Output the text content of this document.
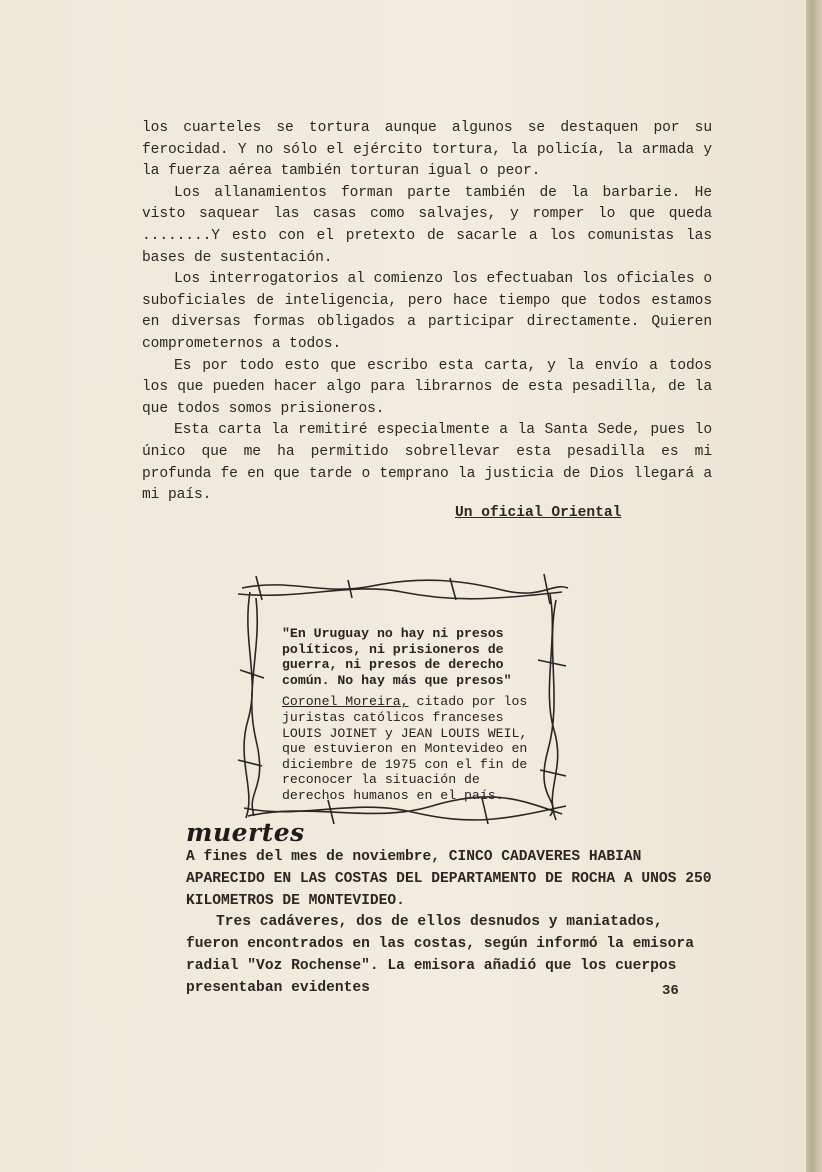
los cuarteles se tortura aunque algunos se destaquen por su ferocidad. Y no sólo el ejército tortura, la policía, la armada y la fuerza aérea también torturan igual o peor.

Los allanamientos forman parte también de la barbarie. He visto saquear las casas como salvajes, y romper lo que queda ........Y esto con el pretexto de sacarle a los comunistas las bases de sustentación.

Los interrogatorios al comienzo los efectuaban los oficiales o suboficiales de inteligencia, pero hace tiempo que todos estamos en diversas formas obligados a participar directamente. Quieren comprometernos a todos.

Es por todo esto que escribo esta carta, y la envío a todos los que pueden hacer algo para librarnos de esta pesadilla, de la que todos somos prisioneros.

Esta carta la remitiré especialmente a la Santa Sede, pues lo único que me ha permitido sobrellevar esta pesadilla es mi profunda fe en que tarde o temprano la justicia de Dios llegará a mi país.

Un oficial Oriental

"En Uruguay no hay ni presos políticos, ni prisioneros de guerra, ni presos de derecho común. No hay más que presos"

Coronel Moreira, citado por los juristas católicos franceses LOUIS JOINET y JEAN LOUIS WEIL, que estuvieron en Montevideo en diciembre de 1975 con el fin de reconocer la situación de derechos humanos en el país.

muertes

A fines del mes de noviembre, CINCO CADAVERES HABIAN APARECIDO EN LAS COSTAS DEL DEPARTAMENTO DE ROCHA A UNOS 250 KILOMETROS DE MONTEVIDEO.

Tres cadáveres, dos de ellos desnudos y maniatados, fueron encontrados en las costas, según informó la emisora radial "Voz Rochense". La emisora añadió que los cuerpos presentaban evidentes	36
